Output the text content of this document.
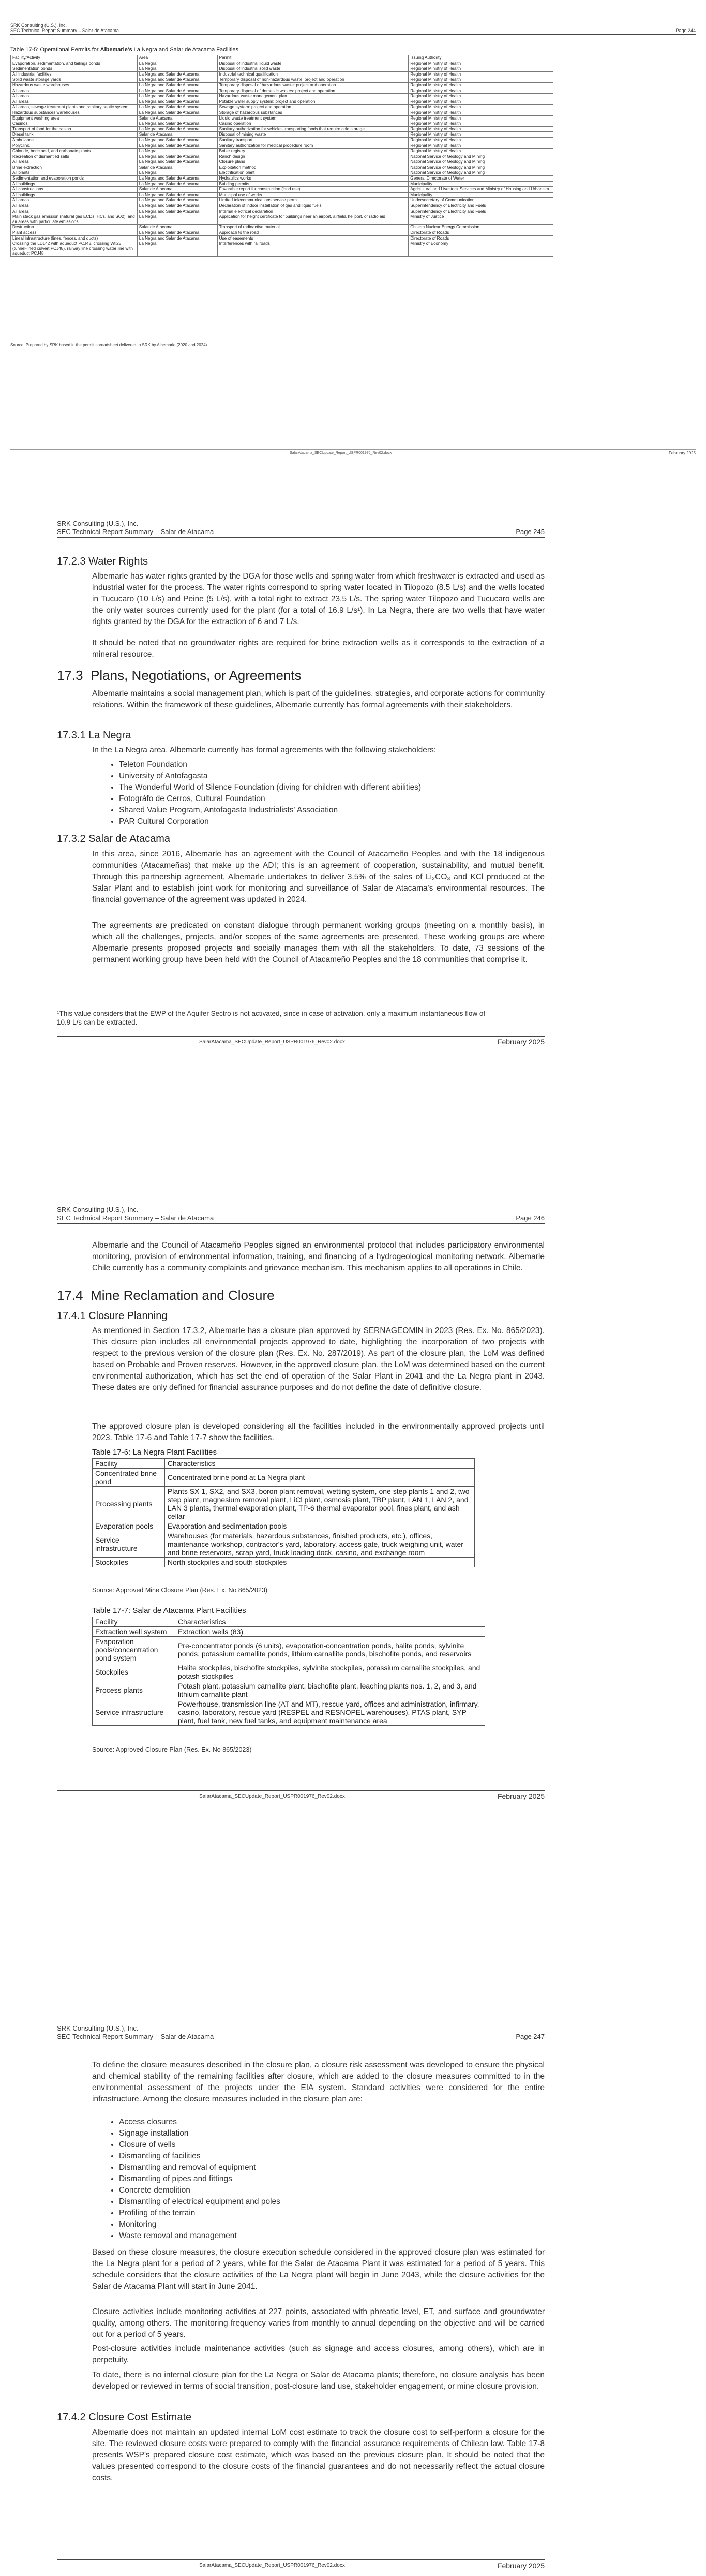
SRK Consulting (U.S.), Inc.
SEC Technical Report Summary – Salar de Atacama	Page 244
Table 17-5: Operational Permits for Albemarle's La Negra and Salar de Atacama Facilities
Facility/Activity	Area	Permit	Issuing Authority
Evaporation, sedimentation, and tailings ponds	La Negra	Disposal of industrial liquid waste	Regional Ministry of Health
Sedimentation ponds	La Negra	Disposal of industrial solid waste	Regional Ministry of Health
All industrial facilities	La Negra and Salar de Atacama	Industrial technical qualification	Regional Ministry of Health
Solid waste storage yards	La Negra and Salar de Atacama	Temporary disposal of non-hazardous waste: project and operation	Regional Ministry of Health
Hazardous waste warehouses	La Negra and Salar de Atacama	Temporary disposal of hazardous waste: project and operation	Regional Ministry of Health
All areas	La Negra and Salar de Atacama	Temporary disposal of domestic wastes: project and operation	Regional Ministry of Health
All areas	La Negra and Salar de Atacama	Hazardous waste management plan	Regional Ministry of Health
All areas	La Negra and Salar de Atacama	Potable water supply system: project and operation	Regional Ministry of Health
All areas, sewage treatment plants and sanitary septic system	La Negra and Salar de Atacama	Sewage system: project and operation	Regional Ministry of Health
Hazardous substances warehouses	La Negra and Salar de Atacama	Storage of hazardous substances	Regional Ministry of Health
Equipment washing area	Salar de Atacama	Liquid waste treatment system	Regional Ministry of Health
Casinos	La Negra and Salar de Atacama	Casino operation	Regional Ministry of Health
Transport of food for the casino	La Negra and Salar de Atacama	Sanitary authorization for vehicles transporting foods that require cold storage	Regional Ministry of Health
Diesel tank	Salar de Atacama	Disposal of mining waste	Regional Ministry of Health
Ambulance	La Negra and Salar de Atacama	Sanitary transport	Regional Ministry of Health
Polyclinic	La Negra and Salar de Atacama	Sanitary authorization for medical procedure room	Regional Ministry of Health
Chloride, boric acid, and carbonate plants	La Negra	Boiler registry	Regional Ministry of Health
Recreation of dismantled salts	La Negra and Salar de Atacama	Ranch design	National Service of Geology and Mining
All areas	La Negra and Salar de Atacama	Closure plans	National Service of Geology and Mining
Brine extraction	Salar de Atacama	Exploitation method	National Service of Geology and Mining
All plants	La Negra	Electrification plant	National Service of Geology and Mining
Sedimentation and evaporation ponds	La Negra and Salar de Atacama	Hydraulics works	General Directorate of Water
All buildings	La Negra and Salar de Atacama	Building permits	Municipality
All constructions	Salar de Atacama	Favorable report for construction (land use)	Agricultural and Livestock Services and Ministry of Housing and Urbanism
All buildings	La Negra and Salar de Atacama	Municipal use of works	Municipality
All areas	La Negra and Salar de Atacama	Limited telecommunications service permit	Undersecretary of Communication
All areas	La Negra and Salar de Atacama	Declaration of indoor installation of gas and liquid fuels	Superintendency of Electricity and Fuels
All areas	La Negra and Salar de Atacama	Internal electrical declaration	Superintendency of Electricity and Fuels
Main stack gas emission (natural gas ECDs, HCs, and SO2), and air areas with particulate emissions	La Negra	Application for height certificate for buildings near an airport, airfield, heliport, or radio aid	Ministry of Justice
Destruction	Salar de Atacama	Transport of radioactive material	Chilean Nuclear Energy Commission
Plant access	La Negra and Salar de Atacama	Approach to the road	Directorate of Roads
Lineal infrastructure (lines, fences, and ducts)	La Negra and Salar de Atacama	Use of easements	Directorate of Roads
Crossing the LD142 with aqueduct PCJ48, crossing Wtl25 (tunnel-lined culvert PCJ48), railway line crossing water line with aqueduct PCJ48	La Negra	Interferences with railroads	Ministry of Economy
Source: Prepared by SRK based in the permit spreadsheet delivered to SRK by Albemarle (2020 and 2024)
SalarAtacama_SECUpdate_Report_USPR001976_Rev02.docx	February 2025
SRK Consulting (U.S.), Inc.
SEC Technical Report Summary – Salar de Atacama	Page 245
17.2.3 Water Rights
Albemarle has water rights granted by the DGA for those wells and spring water from which freshwater is extracted and used as industrial water for the process. The water rights correspond to spring water located in Tilopozo (8.5 L/s) and the wells located in Tucucaro (10 L/s) and Peine (5 L/s), with a total right to extract 23.5 L/s. The spring water Tilopozo and Tucucaro wells are the only water sources currently used for the plant (for a total of 16.9 L/s¹). In La Negra, there are two wells that have water rights granted by the DGA for the extraction of 6 and 7 L/s.
It should be noted that no groundwater rights are required for brine extraction wells as it corresponds to the extraction of a mineral resource.
17.3 Plans, Negotiations, or Agreements
Albemarle maintains a social management plan, which is part of the guidelines, strategies, and corporate actions for community relations. Within the framework of these guidelines, Albemarle currently has formal agreements with their stakeholders.
17.3.1 La Negra
In the La Negra area, Albemarle currently has formal agreements with the following stakeholders:
• Teleton Foundation
• University of Antofagasta
• The Wonderful World of Silence Foundation (diving for children with different abilities)
• Fotográfo de Cerros, Cultural Foundation
• Shared Value Program, Antofagasta Industrialists' Association
• PAR Cultural Corporation
17.3.2 Salar de Atacama
In this area, since 2016, Albemarle has an agreement with the Council of Atacameño Peoples and with the 18 indigenous communities (Atacameñas) that make up the ADI; this is an agreement of cooperation, sustainability, and mutual benefit. Through this partnership agreement, Albemarle undertakes to deliver 3.5% of the sales of Li₂CO₃ and KCl produced at the Salar Plant and to establish joint work for monitoring and surveillance of Salar de Atacama's environmental resources. The financial governance of the agreement was updated in 2024.
The agreements are predicated on constant dialogue through permanent working groups (meeting on a monthly basis), in which all the challenges, projects, and/or scopes of the same agreements are presented. These working groups are where Albemarle presents proposed projects and socially manages them with all the stakeholders. To date, 73 sessions of the permanent working group have been held with the Council of Atacameño Peoples and the 18 communities that comprise it.
¹This value considers that the EWP of the Aquifer Sectro is not activated, since in case of activation, only a maximum instantaneous flow of 10.9 L/s can be extracted.
SalarAtacama_SECUpdate_Report_USPR001976_Rev02.docx	February 2025
SRK Consulting (U.S.), Inc.
SEC Technical Report Summary – Salar de Atacama	Page 246
Albemarle and the Council of Atacameño Peoples signed an environmental protocol that includes participatory environmental monitoring, provision of environmental information, training, and financing of a hydrogeological monitoring network. Albemarle Chile currently has a community complaints and grievance mechanism. This mechanism applies to all operations in Chile.
17.4 Mine Reclamation and Closure
17.4.1 Closure Planning
As mentioned in Section 17.3.2, Albemarle has a closure plan approved by SERNAGEOMIN in 2023 (Res. Ex. No. 865/2023). This closure plan includes all environmental projects approved to date, highlighting the incorporation of two projects with respect to the previous version of the closure plan (Res. Ex. No. 287/2019). As part of the closure plan, the LoM was defined based on Probable and Proven reserves. However, in the approved closure plan, the LoM was determined based on the current environmental authorization, which has set the end of operation of the Salar Plant in 2041 and the La Negra plant in 2043. These dates are only defined for financial assurance purposes and do not define the date of definitive closure.
The approved closure plan is developed considering all the facilities included in the environmentally approved projects until 2023. Table 17-6 and Table 17-7 show the facilities.
Table 17-6: La Negra Plant Facilities
Facility	Characteristics
Concentrated brine pond	Concentrated brine pond at La Negra plant
Processing plants	Plants SX 1, SX2, and SX3, boron plant removal, wetting system, one step plants 1 and 2, two step plant, magnesium removal plant, LiCl plant, osmosis plant, TBP plant, LAN 1, LAN 2, and LAN 3 plants, thermal evaporation plant, TP-6 thermal evaporator pool, fines plant, and ash cellar
Evaporation pools	Evaporation and sedimentation pools
Service infrastructure	Warehouses (for materials, hazardous substances, finished products, etc.), offices, maintenance workshop, contractor's yard, laboratory, access gate, truck weighing unit, water and brine reservoirs, scrap yard, truck loading dock, casino, and exchange room
Stockpiles	North stockpiles and south stockpiles
Source: Approved Mine Closure Plan (Res. Ex. No 865/2023)
Table 17-7: Salar de Atacama Plant Facilities
Facility	Characteristics
Extraction well system	Extraction wells (83)
Evaporation pools/concentration pond system	Pre-concentrator ponds (6 units), evaporation-concentration ponds, halite ponds, sylvinite ponds, potassium carnallite ponds, lithium carnallite ponds, bischofite ponds, and reservoirs
Stockpiles	Halite stockpiles, bischofite stockpiles, sylvinite stockpiles, potassium carnallite stockpiles, and potash stockpiles
Process plants	Potash plant, potassium carnallite plant, bischofite plant, leaching plants nos. 1, 2, and 3, and lithium carnallite plant
Service infrastructure	Powerhouse, transmission line (AT and MT), rescue yard, offices and administration, infirmary, casino, laboratory, rescue yard (RESPEL and RESNOPEL warehouses), PTAS plant, SYP plant, fuel tank, new fuel tanks, and equipment maintenance area
Source: Approved Closure Plan (Res. Ex. No 865/2023)
SalarAtacama_SECUpdate_Report_USPR001976_Rev02.docx	February 2025
SRK Consulting (U.S.), Inc.
SEC Technical Report Summary – Salar de Atacama	Page 247
To define the closure measures described in the closure plan, a closure risk assessment was developed to ensure the physical and chemical stability of the remaining facilities after closure, which are added to the closure measures committed to in the environmental assessment of the projects under the EIA system. Standard activities were considered for the entire infrastructure. Among the closure measures included in the closure plan are:
• Access closures
• Signage installation
• Closure of wells
• Dismantling of facilities
• Dismantling and removal of equipment
• Dismantling of pipes and fittings
• Concrete demolition
• Dismantling of electrical equipment and poles
• Profiling of the terrain
• Monitoring
• Waste removal and management
Based on these closure measures, the closure execution schedule considered in the approved closure plan was estimated for the La Negra plant for a period of 2 years, while for the Salar de Atacama Plant it was estimated for a period of 5 years. This schedule considers that the closure activities of the La Negra plant will begin in June 2043, while the closure activities for the Salar de Atacama Plant will start in June 2041.
Closure activities include monitoring activities at 227 points, associated with phreatic level, ET, and surface and groundwater quality, among others. The monitoring frequency varies from monthly to annual depending on the objective and will be carried out for a period of 5 years.
Post-closure activities include maintenance activities (such as signage and access closures, among others), which are in perpetuity.
To date, there is no internal closure plan for the La Negra or Salar de Atacama plants; therefore, no closure analysis has been developed or reviewed in terms of social transition, post-closure land use, stakeholder engagement, or mine closure provision.
17.4.2 Closure Cost Estimate
Albemarle does not maintain an updated internal LoM cost estimate to track the closure cost to self-perform a closure for the site. The reviewed closure costs were prepared to comply with the financial assurance requirements of Chilean law. Table 17-8 presents WSP's prepared closure cost estimate, which was based on the previous closure plan. It should be noted that the values presented correspond to the closure costs of the financial guarantees and do not necessarily reflect the actual closure costs.
SalarAtacama_SECUpdate_Report_USPR001976_Rev02.docx	February 2025
